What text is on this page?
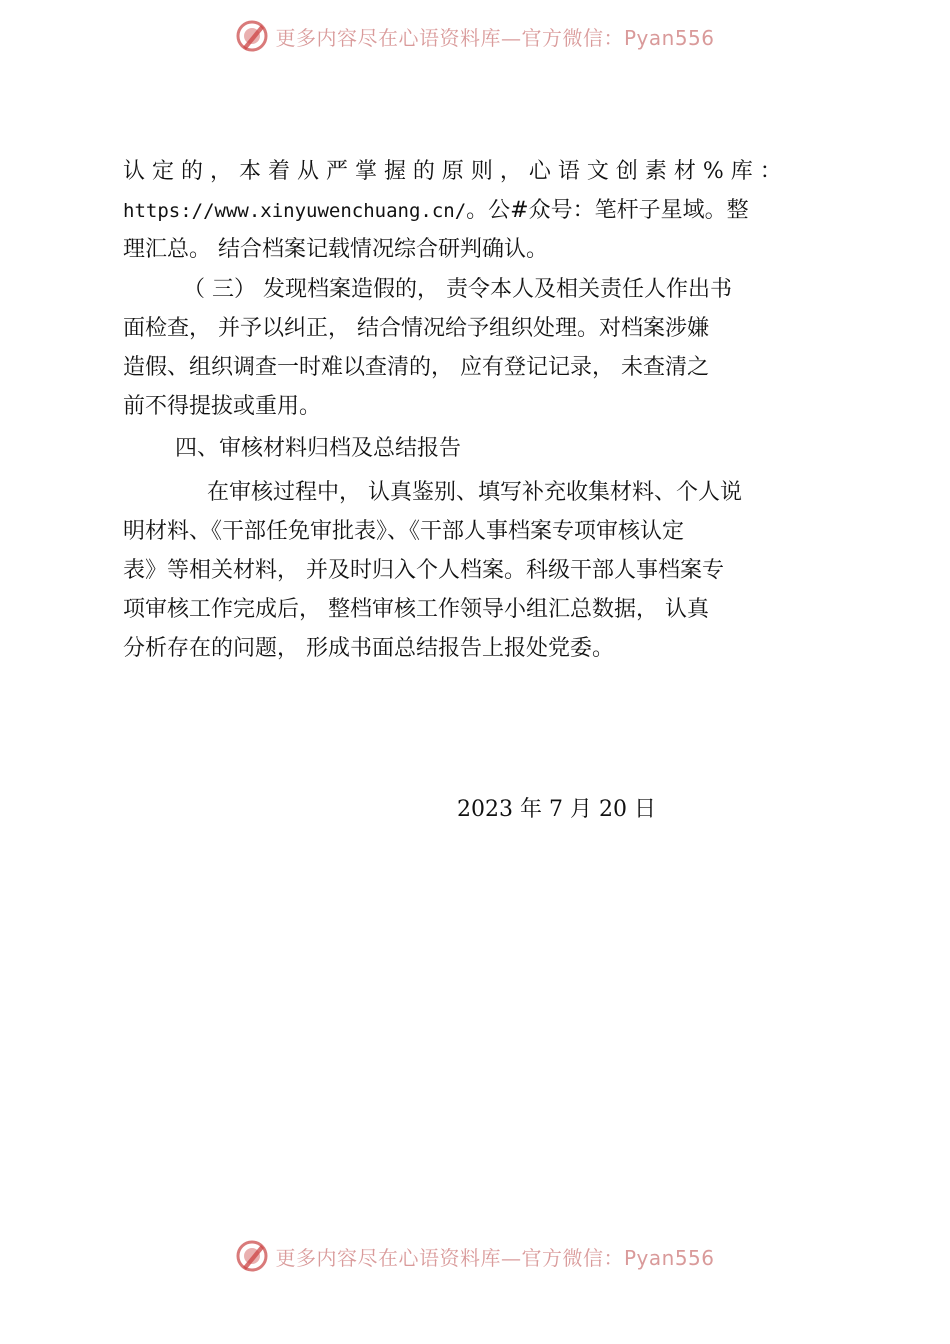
更多内容尽在心语资料库—官方微信：Pyan556
认 定 的 ， 本 着 从 严 掌 握 的 原 则 ， 心 语 文 创 素 材 % 库 ：
https://www.xinyuwenchuang.cn/。公#众号：笔杆子星域。整
理汇总。 结合档案记载情况综合研判确认。
（ 三） 发现档案造假的， 责令本人及相关责任人作出书
面检查， 并予以纠正， 结合情况给予组织处理。对档案涉嫌
造假、组织调查一时难以查清的， 应有登记记录， 未查清之
前不得提拔或重用。
四、审核材料归档及总结报告
在审核过程中， 认真鉴别、填写补充收集材料、个人说
明材料、《干部任免审批表》、《干部人事档案专项审核认定
表》等相关材料， 并及时归入个人档案。科级干部人事档案专
项审核工作完成后， 整档审核工作领导小组汇总数据， 认真
分析存在的问题， 形成书面总结报告上报处党委。
2023 年 7 月 20 日
更多内容尽在心语资料库—官方微信：Pyan556
